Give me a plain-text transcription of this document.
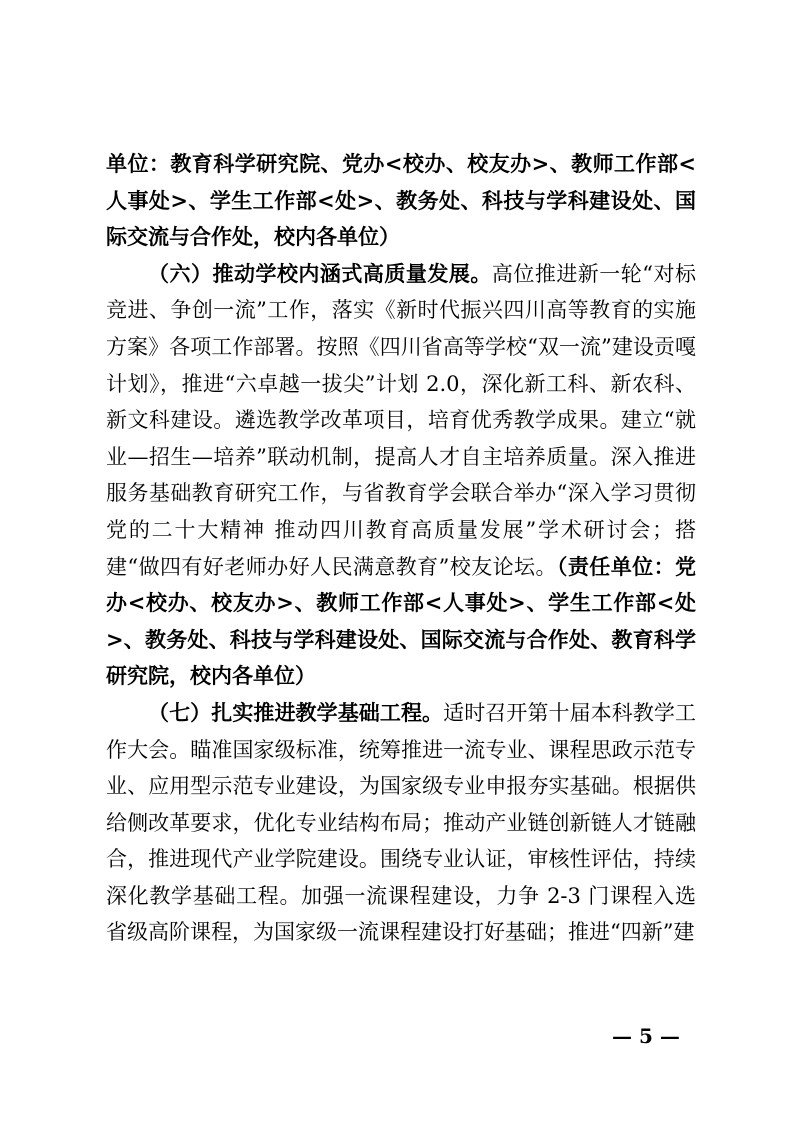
单位：教育科学研究院、党办<校办、校友办>、教师工作部<人事处>、学生工作部<处>、教务处、科技与学科建设处、国际交流与合作处，校内各单位）

（六）推动学校内涵式高质量发展。高位推进新一轮“对标竞进、争创一流”工作，落实《新时代振兴四川高等教育的实施方案》各项工作部署。按照《四川省高等学校“双一流”建设贡嘎计划》，推进“六卓越一拔尖”计划 2.0，深化新工科、新农科、新文科建设。遴选教学改革项目，培育优秀教学成果。建立“就业—招生—培养”联动机制，提高人才自主培养质量。深入推进服务基础教育研究工作，与省教育学会联合举办“深入学习贯彻党的二十大精神 推动四川教育高质量发展”学术研讨会；搭建“做四有好老师办好人民满意教育”校友论坛。（责任单位：党办<校办、校友办>、教师工作部<人事处>、学生工作部<处>、教务处、科技与学科建设处、国际交流与合作处、教育科学研究院，校内各单位）

（七）扎实推进教学基础工程。适时召开第十届本科教学工作大会。瞄准国家级标准，统筹推进一流专业、课程思政示范专业、应用型示范专业建设，为国家级专业申报夯实基础。根据供给侧改革要求，优化专业结构布局；推动产业链创新链人才链融合，推进现代产业学院建设。围绕专业认证，审核性评估，持续深化教学基础工程。加强一流课程建设，力争 2-3 门课程入选省级高阶课程，为国家级一流课程建设打好基础；推进“四新”建

— 5 —
